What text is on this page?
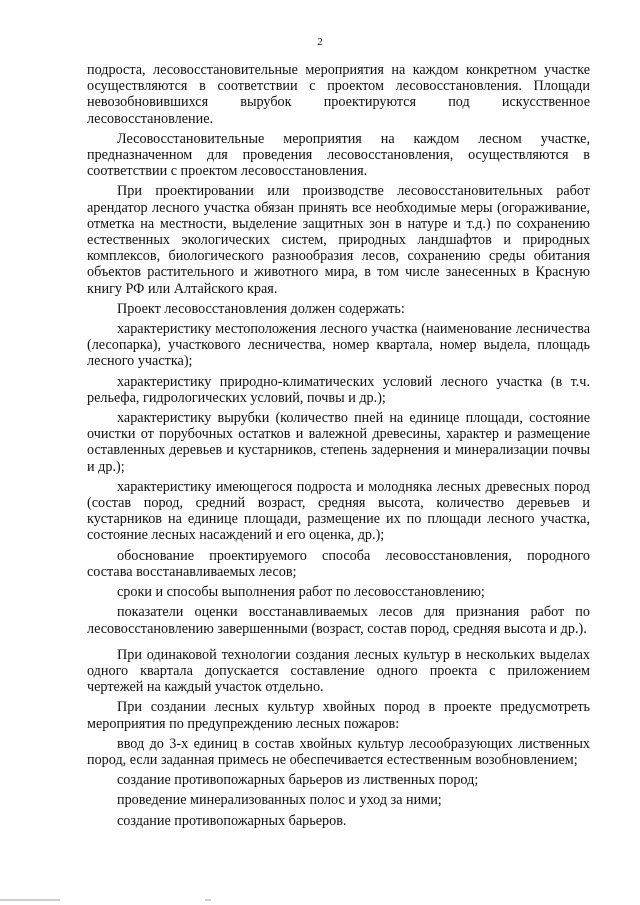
2

подроста, лесовосстановительные мероприятия на каждом конкретном участке осуществляются в соответствии с проектом лесовосстановления. Площади невозобновившихся вырубок проектируются под искусственное лесовосстановление.

Лесовосстановительные мероприятия на каждом лесном участке, предназначенном для проведения лесовосстановления, осуществляются в соответствии с проектом лесовосстановления.

При проектировании или производстве лесовосстановительных работ арендатор лесного участка обязан принять все необходимые меры (огораживание, отметка на местности, выделение защитных зон в натуре и т.д.) по сохранению естественных экологических систем, природных ландшафтов и природных комплексов, биологического разнообразия лесов, сохранению среды обитания объектов растительного и животного мира, в том числе занесенных в Красную книгу РФ или Алтайского края.

Проект лесовосстановления должен содержать:

характеристику местоположения лесного участка (наименование лесничества (лесопарка), участкового лесничества, номер квартала, номер выдела, площадь лесного участка);

характеристику природно-климатических условий лесного участка (в т.ч. рельефа, гидрологических условий, почвы и др.);

характеристику вырубки (количество пней на единице площади, состояние очистки от порубочных остатков и валежной древесины, характер и размещение оставленных деревьев и кустарников, степень задернения и минерализации почвы и др.);

характеристику имеющегося подроста и молодняка лесных древесных пород (состав пород, средний возраст, средняя высота, количество деревьев и кустарников на единице площади, размещение их по площади лесного участка, состояние лесных насаждений и его оценка, др.);

обоснование проектируемого способа лесовосстановления, породного состава восстанавливаемых лесов;

сроки и способы выполнения работ по лесовосстановлению;

показатели оценки восстанавливаемых лесов для признания работ по лесовосстановлению завершенными (возраст, состав пород, средняя высота и др.).

При одинаковой технологии создания лесных культур в нескольких выделах одного квартала допускается составление одного проекта с приложением чертежей на каждый участок отдельно.

При создании лесных культур хвойных пород в проекте предусмотреть мероприятия по предупреждению лесных пожаров:

ввод до 3-х единиц в состав хвойных культур лесообразующих лиственных пород, если заданная примесь не обеспечивается естественным возобновлением;

создание противопожарных барьеров из лиственных пород;

проведение минерализованных полос и уход за ними;

создание противопожарных барьеров.
